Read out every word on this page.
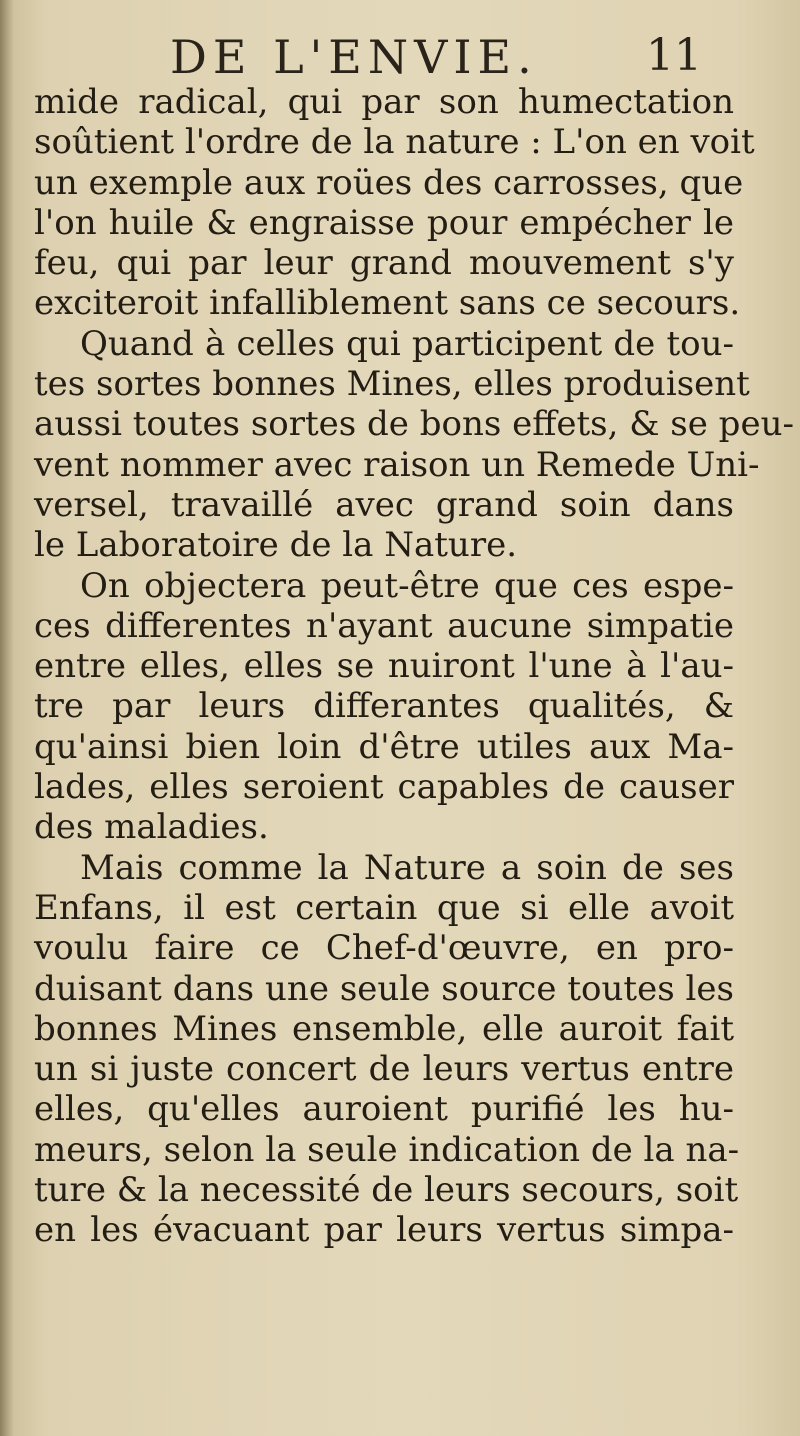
DE L'ENVIE. 11
mide radical, qui par son humectation
soûtient l'ordre de la nature : L'on en voit
un exemple aux roües des carrosses, que
l'on huile & engraisse pour empécher le
feu, qui par leur grand mouvement s'y
exciteroit infalliblement sans ce secours.
Quand à celles qui participent de tou-
tes sortes bonnes Mines, elles produisent
aussi toutes sortes de bons effets, & se peu-
vent nommer avec raison un Remede Uni-
versel, travaillé avec grand soin dans
le Laboratoire de la Nature.
On objectera peut-être que ces espe-
ces differentes n'ayant aucune simpatie
entre elles, elles se nuiront l'une à l'au-
tre par leurs differantes qualités, &
qu'ainsi bien loin d'être utiles aux Ma-
lades, elles seroient capables de causer
des maladies.
Mais comme la Nature a soin de ses
Enfans, il est certain que si elle avoit
voulu faire ce Chef-d'œuvre, en pro-
duisant dans une seule source toutes les
bonnes Mines ensemble, elle auroit fait
un si juste concert de leurs vertus entre
elles, qu'elles auroient purifié les hu-
meurs, selon la seule indication de la na-
ture & la necessité de leurs secours, soit
en les évacuant par leurs vertus simpa-
